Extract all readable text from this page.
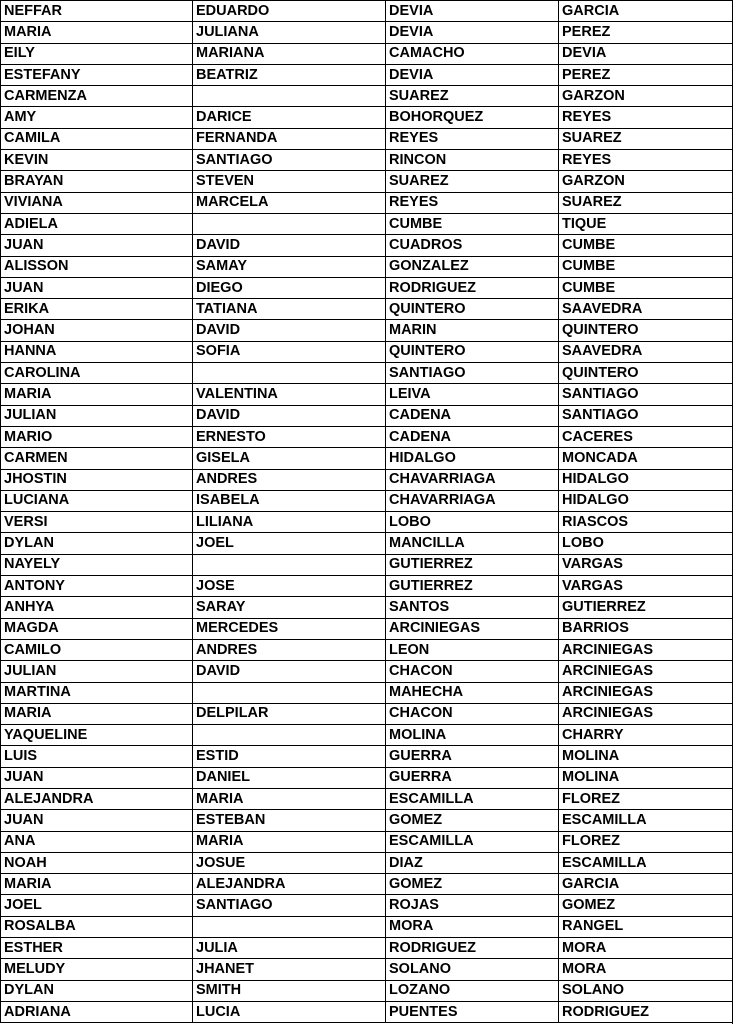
NEFFAR	EDUARDO	DEVIA	GARCIA
MARIA	JULIANA	DEVIA	PEREZ
EILY	MARIANA	CAMACHO	DEVIA
ESTEFANY	BEATRIZ	DEVIA	PEREZ
CARMENZA		SUAREZ	GARZON
AMY	DARICE	BOHORQUEZ	REYES
CAMILA	FERNANDA	REYES	SUAREZ
KEVIN	SANTIAGO	RINCON	REYES
BRAYAN	STEVEN	SUAREZ	GARZON
VIVIANA	MARCELA	REYES	SUAREZ
ADIELA		CUMBE	TIQUE
JUAN	DAVID	CUADROS	CUMBE
ALISSON	SAMAY	GONZALEZ	CUMBE
JUAN	DIEGO	RODRIGUEZ	CUMBE
ERIKA	TATIANA	QUINTERO	SAAVEDRA
JOHAN	DAVID	MARIN	QUINTERO
HANNA	SOFIA	QUINTERO	SAAVEDRA
CAROLINA		SANTIAGO	QUINTERO
MARIA	VALENTINA	LEIVA	SANTIAGO
JULIAN	DAVID	CADENA	SANTIAGO
MARIO	ERNESTO	CADENA	CACERES
CARMEN	GISELA	HIDALGO	MONCADA
JHOSTIN	ANDRES	CHAVARRIAGA	HIDALGO
LUCIANA	ISABELA	CHAVARRIAGA	HIDALGO
VERSI	LILIANA	LOBO	RIASCOS
DYLAN	JOEL	MANCILLA	LOBO
NAYELY		GUTIERREZ	VARGAS
ANTONY	JOSE	GUTIERREZ	VARGAS
ANHYA	SARAY	SANTOS	GUTIERREZ
MAGDA	MERCEDES	ARCINIEGAS	BARRIOS
CAMILO	ANDRES	LEON	ARCINIEGAS
JULIAN	DAVID	CHACON	ARCINIEGAS
MARTINA		MAHECHA	ARCINIEGAS
MARIA	DELPILAR	CHACON	ARCINIEGAS
YAQUELINE		MOLINA	CHARRY
LUIS	ESTID	GUERRA	MOLINA
JUAN	DANIEL	GUERRA	MOLINA
ALEJANDRA	MARIA	ESCAMILLA	FLOREZ
JUAN	ESTEBAN	GOMEZ	ESCAMILLA
ANA	MARIA	ESCAMILLA	FLOREZ
NOAH	JOSUE	DIAZ	ESCAMILLA
MARIA	ALEJANDRA	GOMEZ	GARCIA
JOEL	SANTIAGO	ROJAS	GOMEZ
ROSALBA		MORA	RANGEL
ESTHER	JULIA	RODRIGUEZ	MORA
MELUDY	JHANET	SOLANO	MORA
DYLAN	SMITH	LOZANO	SOLANO
ADRIANA	LUCIA	PUENTES	RODRIGUEZ
